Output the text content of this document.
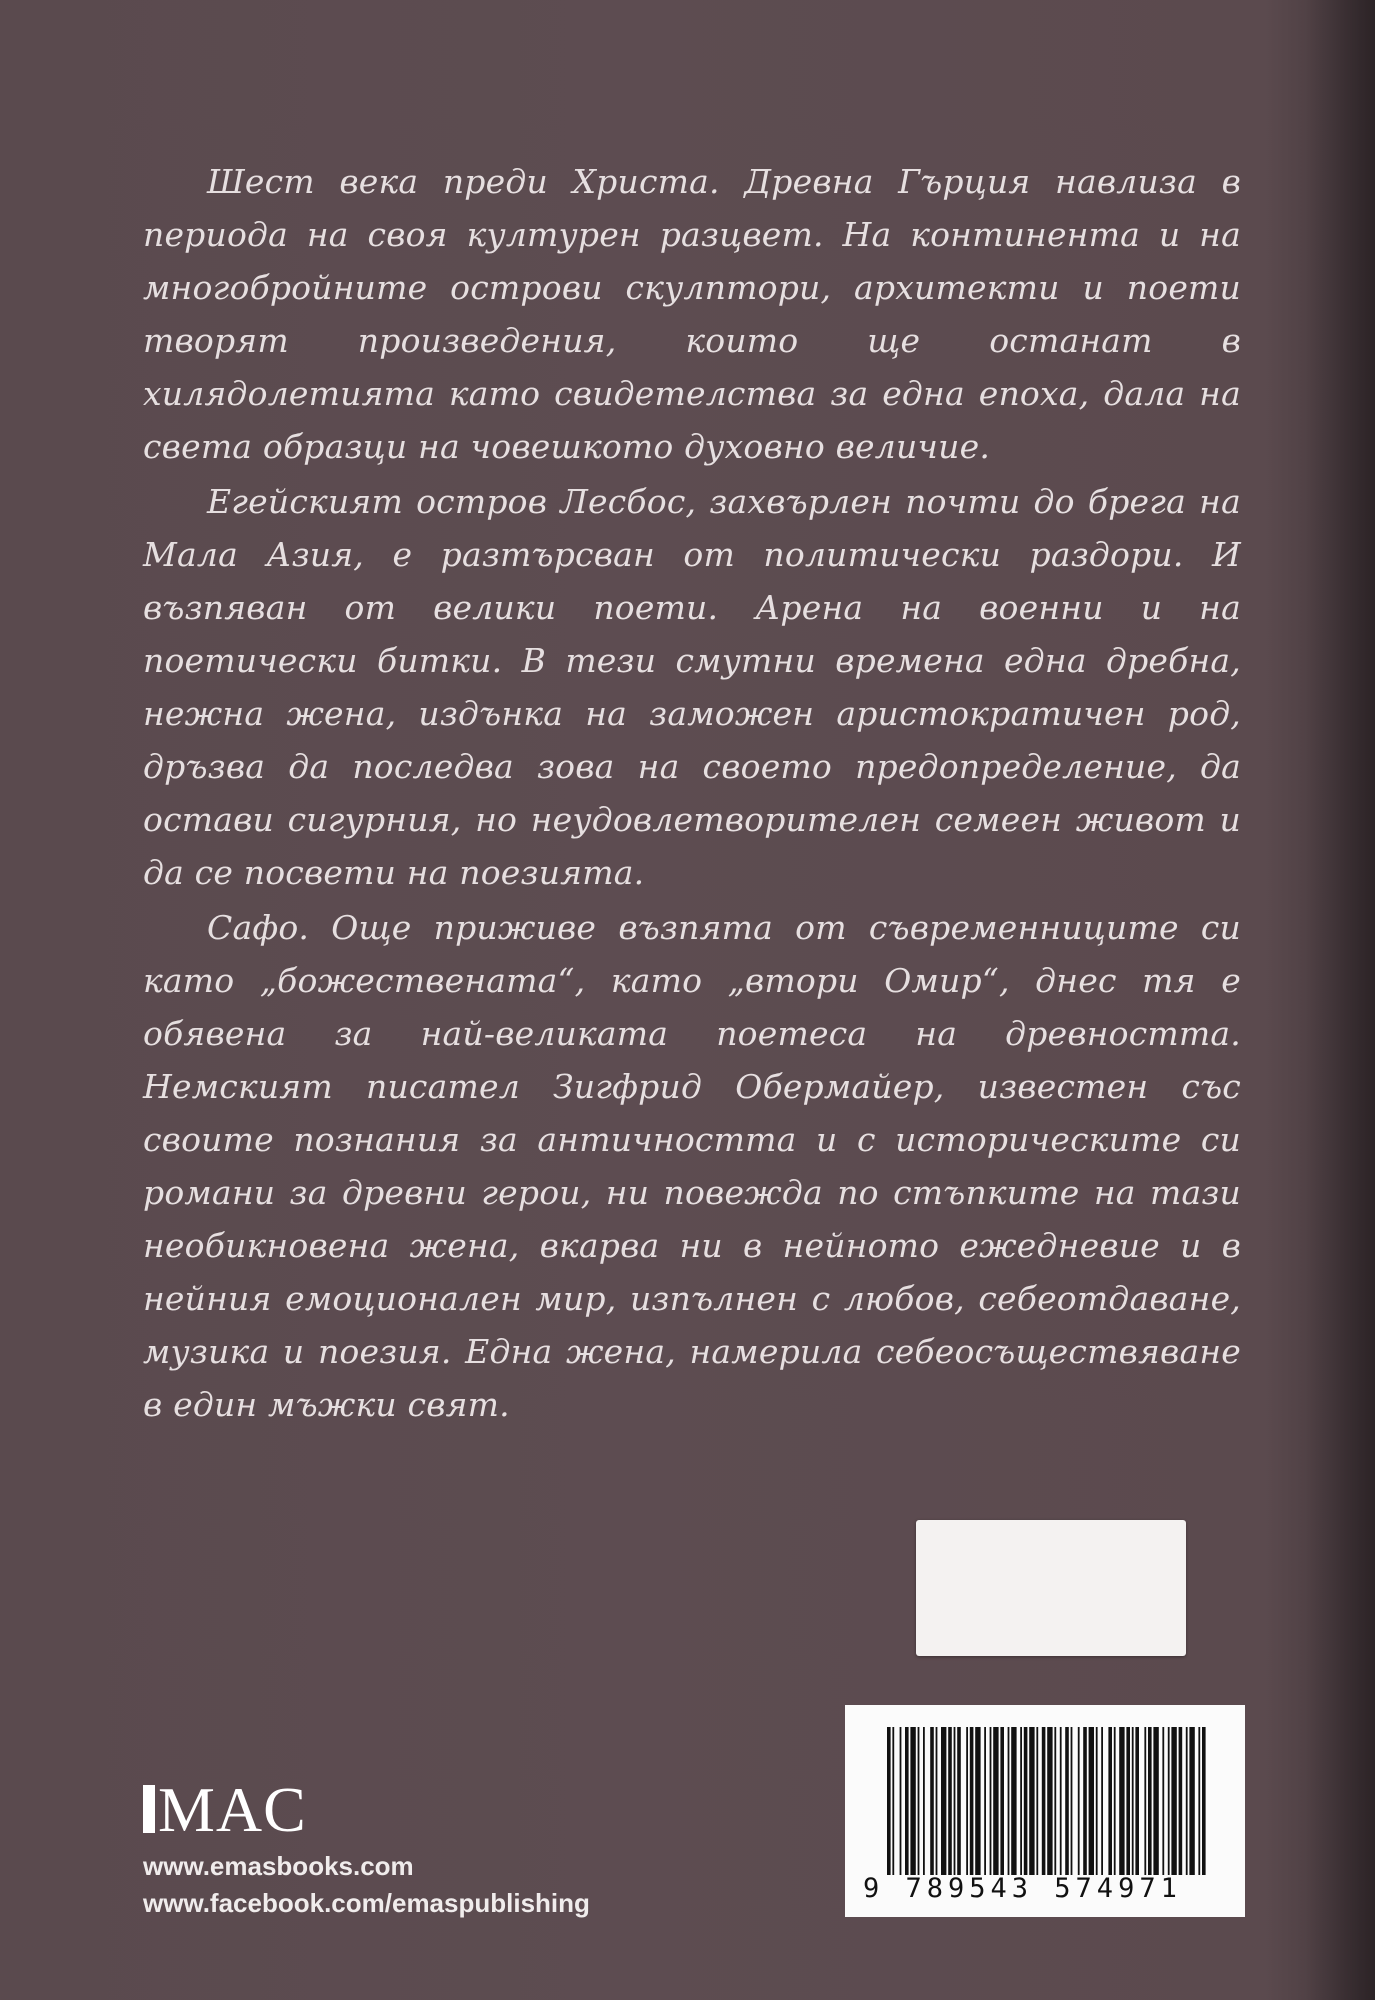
Шест века преди Христа. Древна Гърция навлиза в периода на своя културен разцвет. На континента и на многобройните острови скулптори, архитекти и поети творят произведения, които ще останат в хилядолетията като свидетелства за една епоха, дала на света образци на човешкото духовно величие.

Егейският остров Лесбос, захвърлен почти до брега на Мала Азия, е разтърсван от политически раздори. И възпяван от велики поети. Арена на военни и на поетически битки. В тези смутни времена една дребна, нежна жена, издънка на заможен аристократичен род, дръзва да последва зова на своето предопределение, да остави сигурния, но неудовлетворителен семеен живот и да се посвети на поезията.

Сафо. Още приживе възпята от съвременниците си като „божествената“, като „втори Омир“, днес тя е обявена за най-великата поетеса на древността. Немският писател Зигфрид Обермайер, известен със своите познания за античността и с историческите си романи за древни герои, ни повежда по стъпките на тази необикновена жена, вкарва ни в нейното ежедневие и в нейния емоционален мир, изпълнен с любов, себеотдаване, музика и поезия. Една жена, намерила себеосъществяване в един мъжки свят.

9 789543 574971
MAC
www.emasbooks.com
www.facebook.com/emaspublishing
